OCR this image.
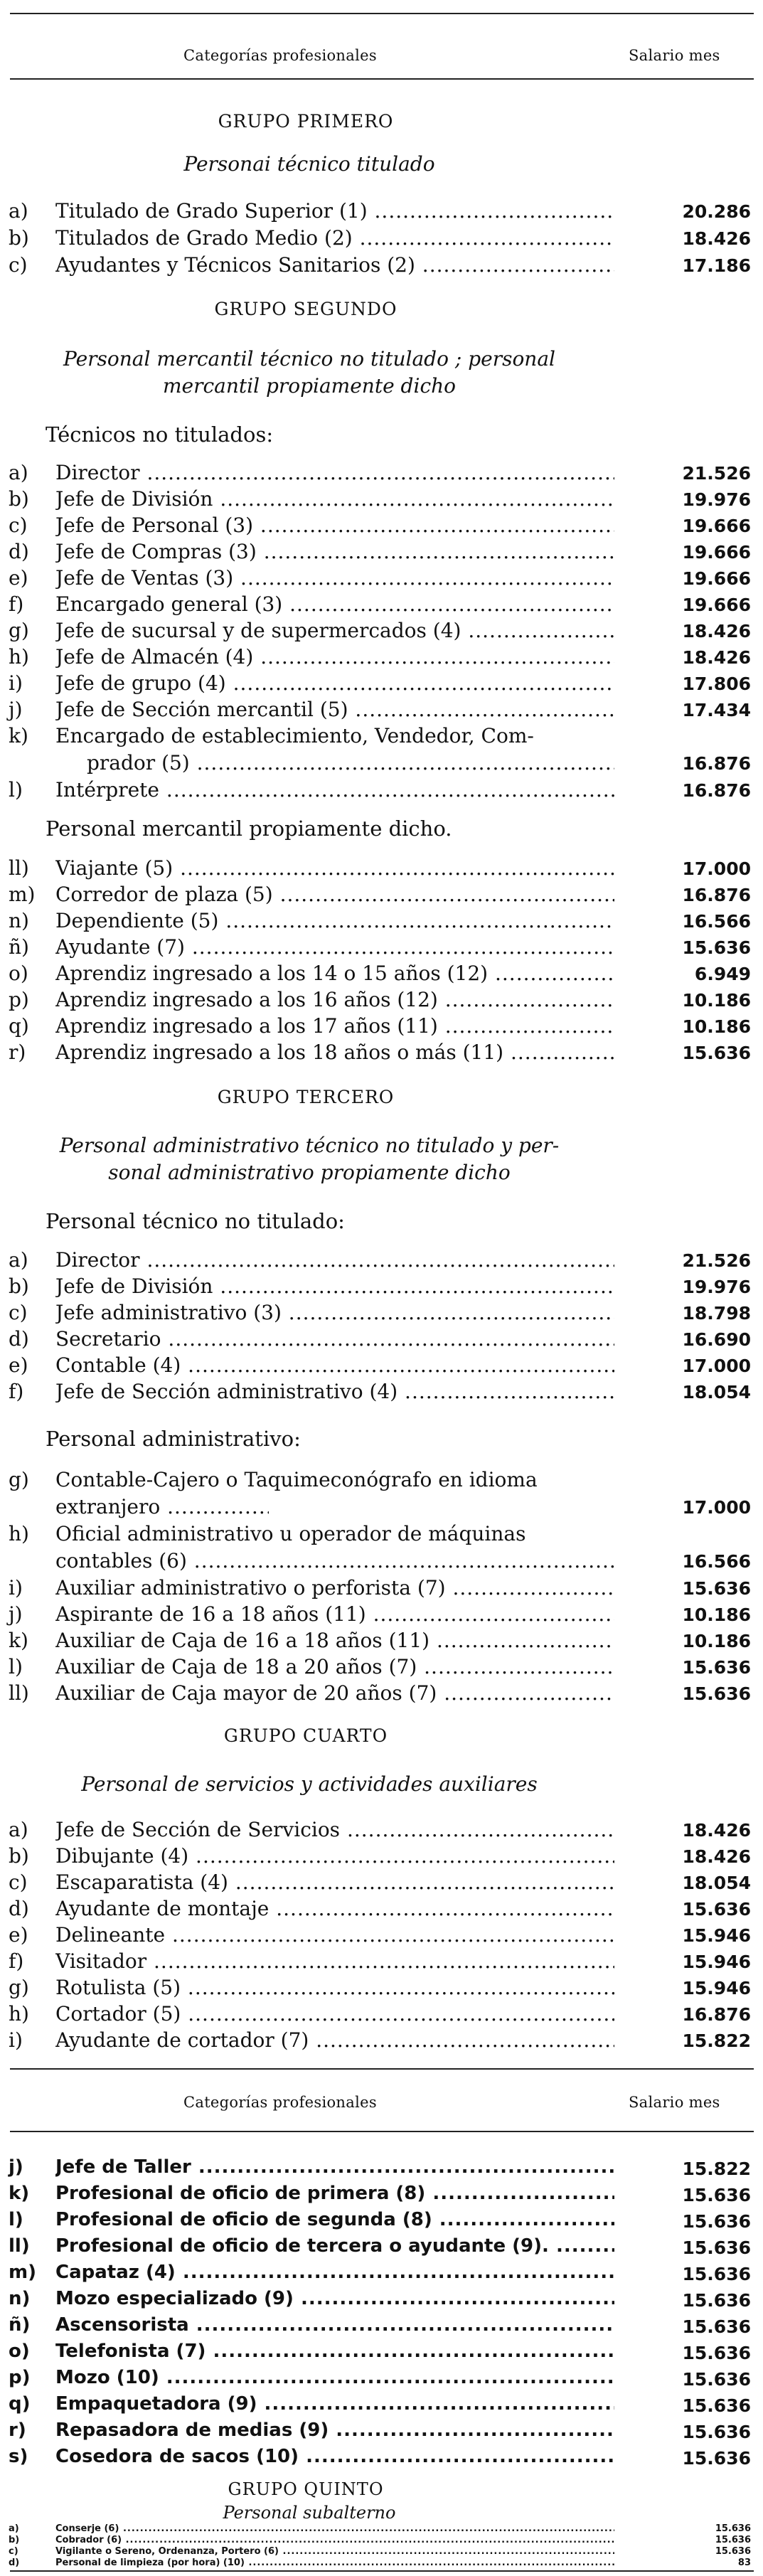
Categorías profesionales	Salario mes
GRUPO PRIMERO
Personai técnico titulado
a) Titulado de Grado Superior (1) .....	20.286
b) Titulados de Grado Medio (2) .....	18.426
c) Ayudantes y Técnicos Sanitarios (2) .....	17.186
GRUPO SEGUNDO
Personal mercantil técnico no titulado ; personal
mercantil propiamente dicho
Técnicos no titulados:
a) Director .....	21.526
b) Jefe de División .....	19.976
c) Jefe de Personal (3) .....	19.666
d) Jefe de Compras (3) .....	19.666
e) Jefe de Ventas (3) .....	19.666
f) Encargado general (3) .....	19.666
g) Jefe de sucursal y de supermercados (4) .....	18.426
h) Jefe de Almacén (4) .....	18.426
i) Jefe de grupo (4) .....	17.806
j) Jefe de Sección mercantil (5) .....	17.434
k) Encargado de establecimiento, Vendedor, Com-
prador (5) .....	16.876
l) Intérprete .....	16.876
Personal mercantil propiamente dicho.
ll) Viajante (5) .....	17.000
m) Corredor de plaza (5) .....	16.876
n) Dependiente (5) .....	16.566
ñ) Ayudante (7) .....	15.636
o) Aprendiz ingresado a los 14 o 15 años (12) .....	6.949
p) Aprendiz ingresado a los 16 años (12) .....	10.186
q) Aprendiz ingresado a los 17 años (11) .....	10.186
r) Aprendiz ingresado a los 18 años o más (11) .....	15.636
GRUPO TERCERO
Personal administrativo técnico no titulado y per-
sonal administrativo propiamente dicho
Personal técnico no titulado:
a) Director .....	21.526
b) Jefe de División .....	19.976
c) Jefe administrativo (3) .....	18.798
d) Secretario .....	16.690
e) Contable (4) .....	17.000
f) Jefe de Sección administrativo (4) .....	18.054
Personal administrativo:
g) Contable-Cajero o Taquimeconógrafo en idioma
extranjero .....	17.000
h) Oficial administrativo u operador de máquinas
contables (6) .....	16.566
i) Auxiliar administrativo o perforista (7) .....	15.636
j) Aspirante de 16 a 18 años (11) .....	10.186
k) Auxiliar de Caja de 16 a 18 años (11) .....	10.186
l) Auxiliar de Caja de 18 a 20 años (7) .....	15.636
ll) Auxiliar de Caja mayor de 20 años (7) .....	15.636
GRUPO CUARTO
Personal de servicios y actividades auxiliares
a) Jefe de Sección de Servicios .....	18.426
b) Dibujante (4) .....	18.426
c) Escaparatista (4) .....	18.054
d) Ayudante de montaje .....	15.636
e) Delineante .....	15.946
f) Visitador .....	15.946
g) Rotulista (5) .....	15.946
h) Cortador (5) .....	16.876
i) Ayudante de cortador (7) .....	15.822
Categorías profesionales	Salario mes
j) Jefe de Taller .....	15.822
k) Profesional de oficio de primera (8) .....	15.636
l) Profesional de oficio de segunda (8) .....	15.636
ll) Profesional de oficio de tercera o ayudante (9). .....	15.636
m) Capataz (4) .....	15.636
n) Mozo especializado (9) .....	15.636
ñ) Ascensorista .....	15.636
o) Telefonista (7) .....	15.636
p) Mozo (10) .....	15.636
q) Empaquetadora (9) .....	15.636
r) Repasadora de medias (9) .....	15.636
s) Cosedora de sacos (10) .....	15.636
GRUPO QUINTO
Personal subalterno
a)	Conserje (6) .....	15.636
b)	Cobrador (6) .....	15.636
c)	Vigilante o Sereno, Ordenanza, Portero (6) .....	15.636
d)	Personal de limpieza (por hora) (10) .....	83
